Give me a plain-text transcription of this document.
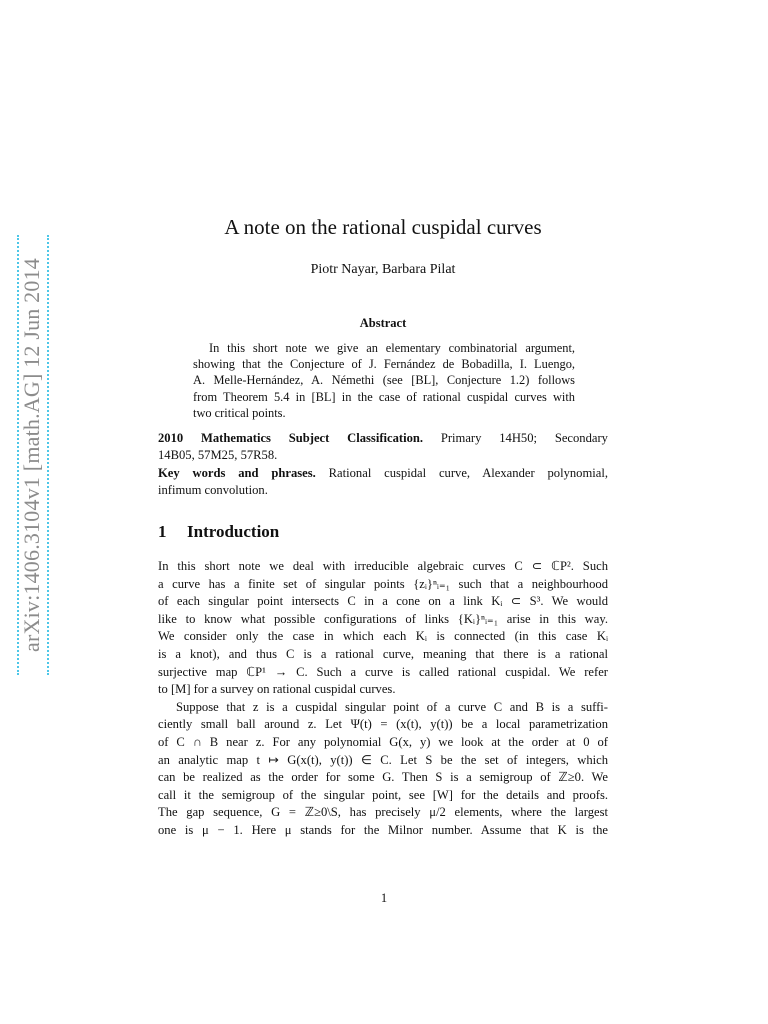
arXiv:1406.3104v1 [math.AG] 12 Jun 2014
A note on the rational cuspidal curves
Piotr Nayar, Barbara Pilat
Abstract
In this short note we give an elementary combinatorial argument,
showing that the Conjecture of J. Fernández de Bobadilla, I. Luengo,
A. Melle-Hernández, A. Némethi (see [BL], Conjecture 1.2) follows
from Theorem 5.4 in [BL] in the case of rational cuspidal curves with
two critical points.
2010 Mathematics Subject Classification. Primary 14H50; Secondary
14B05, 57M25, 57R58.
Key words and phrases. Rational cuspidal curve, Alexander polynomial,
infimum convolution.
1 Introduction
In this short note we deal with irreducible algebraic curves C ⊂ ℂP². Such
a curve has a finite set of singular points {zᵢ}ⁿᵢ₌₁ such that a neighbourhood
of each singular point intersects C in a cone on a link Kᵢ ⊂ S³. We would
like to know what possible configurations of links {Kᵢ}ⁿᵢ₌₁ arise in this way.
We consider only the case in which each Kᵢ is connected (in this case Kᵢ
is a knot), and thus C is a rational curve, meaning that there is a rational
surjective map ℂP¹ → C. Such a curve is called rational cuspidal. We refer
to [M] for a survey on rational cuspidal curves.
Suppose that z is a cuspidal singular point of a curve C and B is a suffi-
ciently small ball around z. Let Ψ(t) = (x(t), y(t)) be a local parametrization
of C ∩ B near z. For any polynomial G(x, y) we look at the order at 0 of
an analytic map t ↦ G(x(t), y(t)) ∈ C. Let S be the set of integers, which
can be realized as the order for some G. Then S is a semigroup of ℤ≥0. We
call it the semigroup of the singular point, see [W] for the details and proofs.
The gap sequence, G = ℤ≥0\S, has precisely μ/2 elements, where the largest
one is μ − 1. Here μ stands for the Milnor number. Assume that K is the
1
